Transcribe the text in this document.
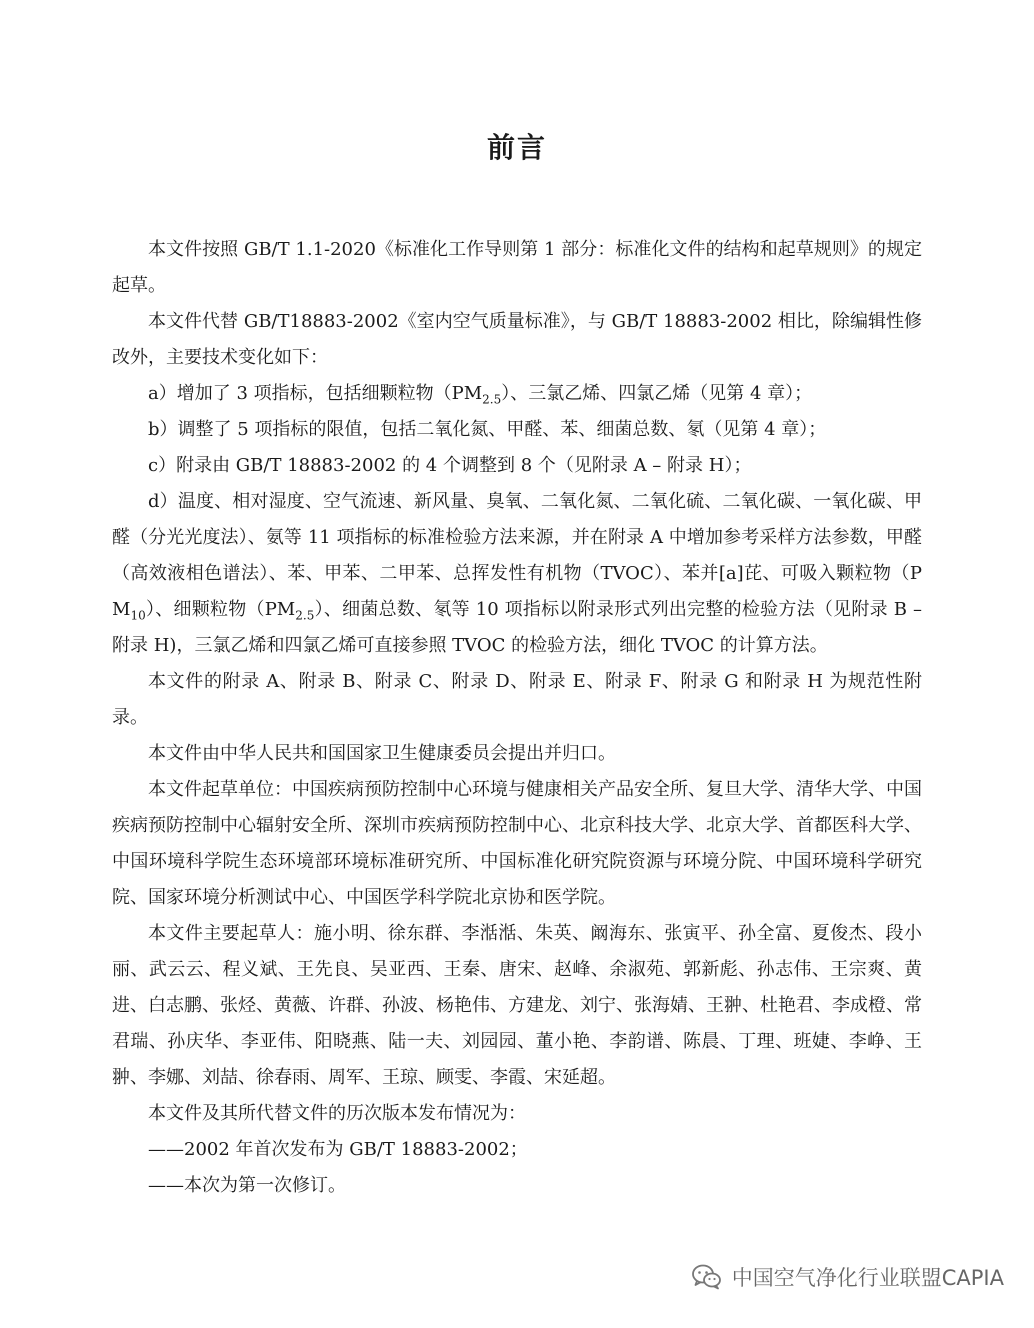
前言

本文件按照 GB/T 1.1-2020《标准化工作导则第 1 部分：标准化文件的结构和起草规则》的规定起草。

本文件代替 GB/T18883-2002《室内空气质量标准》，与 GB/T 18883-2002 相比，除编辑性修改外，主要技术变化如下：

a）增加了 3 项指标，包括细颗粒物$(PM_{2.5})$、三氯乙烯、四氯乙烯（见第 4 章）；

b）调整了 5 项指标的限值，包括二氧化氮、甲醛、苯、细菌总数、氡（见第 4 章）；

c）附录由 GB/T 18883-2002 的 4 个调整到 8 个（见附录 A – 附录 H）；

d）温度、相对湿度、空气流速、新风量、臭氧、二氧化氮、二氧化硫、二氧化碳、一氧化碳、甲醛（分光光度法）、氨等 11 项指标的标准检验方法来源，并在附录 A 中增加参考采样方法参数，甲醛（高效液相色谱法）、苯、甲苯、二甲苯、总挥发性有机物（TVOC）、苯并[a]芘、可吸入颗粒物$(PM_{10})$、细颗粒物$(PM_{2.5})$、细菌总数、氡等 10 项指标以附录形式列出完整的检验方法（见附录 B –附录 H)，三氯乙烯和四氯乙烯可直接参照 TVOC 的检验方法，细化 TVOC 的计算方法。

本文件的附录 A、附录 B、附录 C、附录 D、附录 E、附录 F、附录 G 和附录 H 为规范性附录。

本文件由中华人民共和国国家卫生健康委员会提出并归口。

本文件起草单位：中国疾病预防控制中心环境与健康相关产品安全所、复旦大学、清华大学、中国疾病预防控制中心辐射安全所、深圳市疾病预防控制中心、北京科技大学、北京大学、首都医科大学、中国环境科学院生态环境部环境标准研究所、中国标准化研究院资源与环境分院、中国环境科学研究院、国家环境分析测试中心、中国医学科学院北京协和医学院。

本文件主要起草人：施小明、徐东群、李湉湉、朱英、阚海东、张寅平、孙全富、夏俊杰、段小丽、武云云、程义斌、王先良、吴亚西、王秦、唐宋、赵峰、余淑苑、郭新彪、孙志伟、王宗爽、黄进、白志鹏、张烃、黄薇、许群、孙波、杨艳伟、方建龙、刘宁、张海婧、王翀、杜艳君、李成橙、常君瑞、孙庆华、李亚伟、阳晓燕、陆一夫、刘园园、董小艳、李韵谱、陈晨、丁理、班婕、李峥、王翀、李娜、刘喆、徐春雨、周军、王琼、顾雯、李霞、宋延超。

本文件及其所代替文件的历次版本发布情况为：

——2002 年首次发布为 GB/T 18883-2002；

——本次为第一次修订。

中国空气净化行业联盟CAPIA
